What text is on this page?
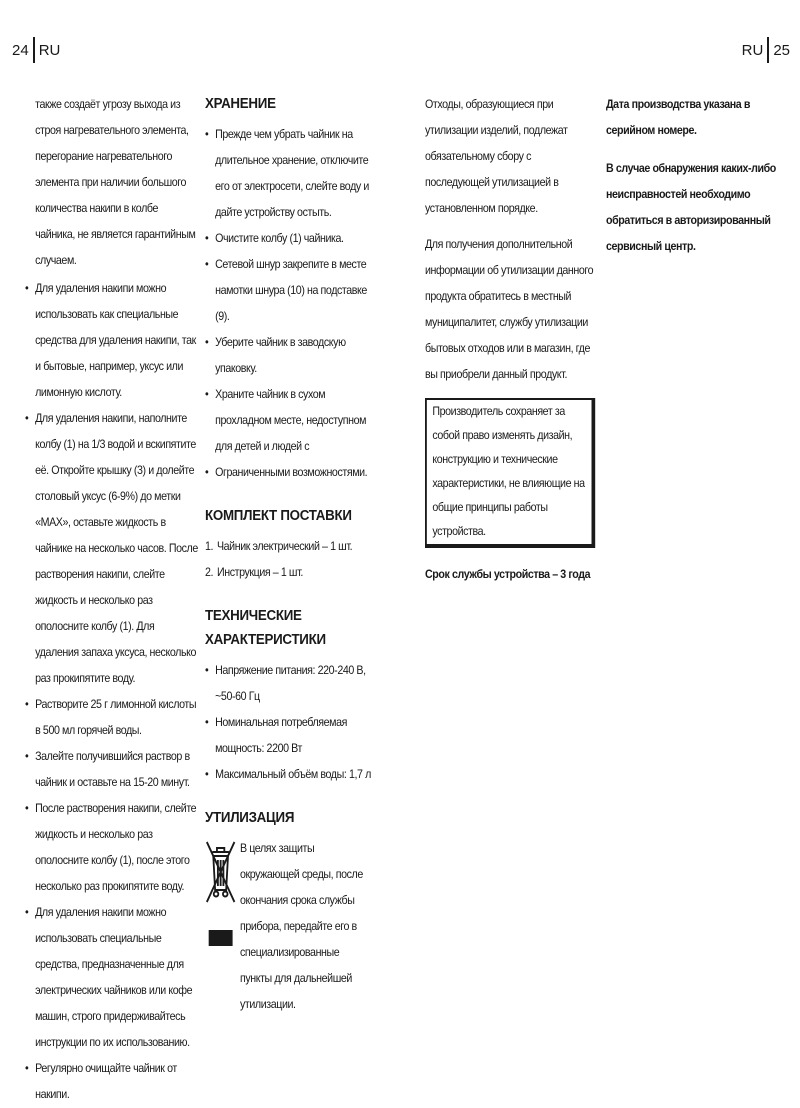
24 RU	RU 25

также создаёт угрозу выхода из строя нагревательного элемента, перегорание нагревательного элемента при наличии большого количества накипи в колбе чайника, не является гарантийным случаем.

• Для удаления накипи можно использовать как специальные средства для удаления накипи, так и бытовые, например, уксус или лимонную кислоту.
• Для удаления накипи, наполните колбу (1) на 1/3 водой и вскипятите её. Откройте крышку (3) и долейте столовый уксус (6-9%) до метки «MAX», оставьте жидкость в чайнике на несколько часов. После растворения накипи, слейте жидкость и несколько раз ополосните колбу (1). Для удаления запаха уксуса, несколько раз прокипятите воду.
• Растворите 25 г лимонной кислоты в 500 мл горячей воды.
• Залейте получившийся раствор в чайник и оставьте на 15-20 минут.
• После растворения накипи, слейте жидкость и несколько раз ополосните колбу (1), после этого несколько раз прокипятите воду.
• Для удаления накипи можно использовать специальные средства, предназначенные для электрических чайников или кофе машин, строго придерживайтесь инструкции по их использованию.
• Регулярно очищайте чайник от накипи.
ХРАНЕНИЕ
• Прежде чем убрать чайник на длительное хранение, отключите его от электросети, слейте воду и дайте устройству остыть.
• Очистите колбу (1) чайника.
• Сетевой шнур закрепите в месте намотки шнура (10) на подставке (9).
• Уберите чайник в заводскую упаковку.
• Храните чайник в сухом прохладном месте, недоступном для детей и людей с
• Ограниченными возможностями.
КОМПЛЕКТ ПОСТАВКИ
1. Чайник электрический – 1 шт.
2. Инструкция – 1 шт.
ТЕХНИЧЕСКИЕ ХАРАКТЕРИСТИКИ
• Напряжение питания: 220-240 В, ~50-60 Гц
• Номинальная потребляемая мощность: 2200 Вт
• Максимальный объём воды: 1,7 л
УТИЛИЗАЦИЯ
В целях защиты окружающей среды, после окончания срока службы прибора, передайте его в специализированные пункты для дальнейшей утилизации.

Отходы, образующиеся при утилизации изделий, подлежат обязательному сбору с последующей утилизацией в установленном порядке.

Для получения дополнительной информации об утилизации данного продукта обратитесь в местный муниципалитет, службу утилизации бытовых отходов или в магазин, где вы приобрели данный продукт.

Производитель сохраняет за собой право изменять дизайн, конструкцию и технические характеристики, не влияющие на общие принципы работы устройства.

Срок службы устройства – 3 года

Дата производства указана в серийном номере.

В случае обнаружения каких-либо неисправностей необходимо обратиться в авторизированный сервисный центр.
